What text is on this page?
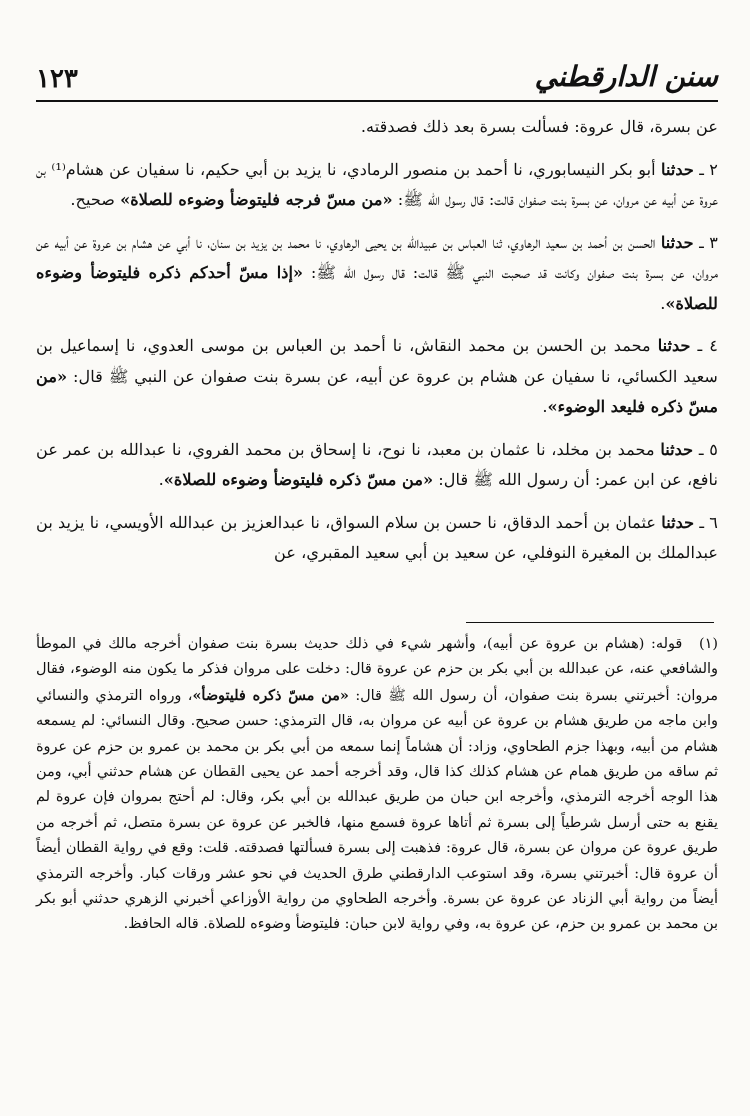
١٢٣	سنن الدارقطني

عن بسرة، قال عروة: فسألت بسرة بعد ذلك فصدقته.

٢ ـ حدثنا أبو بكر النيسابوري، نا أحمد بن منصور الرمادي، نا يزيد بن أبي حكيم، نا سفيان عن هشام⁽¹⁾ بن عروة عن أبيه عن مروان، عن بسرة بنت صفوان قالت: قال رسول الله ﷺ: «من مسّ فرجه فليتوضأ وضوءه للصلاة» صحيح.

٣ ـ حدثنا الحسن بن أحمد بن سعيد الرهاوي، ثنا العباس بن عبيدالله بن يحيى الرهاوي، نا محمد بن يزيد بن سنان، نا أبي عن هشام بن عروة عن أبيه عن مروان، عن بسرة بنت صفوان وكانت قد صحبت النبي ﷺ قالت: قال رسول الله ﷺ: «إذا مسّ أحدكم ذكره فليتوضأ وضوءه للصلاة».

٤ ـ حدثنا محمد بن الحسن بن محمد النقاش، نا أحمد بن العباس بن موسى العدوي، نا إسماعيل بن سعيد الكسائي، نا سفيان عن هشام بن عروة عن أبيه، عن بسرة بنت صفوان عن النبي ﷺ قال: «من مسّ ذكره فليعد الوضوء».

٥ ـ حدثنا محمد بن مخلد، نا عثمان بن معبد، نا نوح، نا إسحاق بن محمد الفروي، نا عبدالله بن عمر عن نافع، عن ابن عمر: أن رسول الله ﷺ قال: «من مسّ ذكره فليتوضأ وضوءه للصلاة».

٦ ـ حدثنا عثمان بن أحمد الدقاق، نا حسن بن سلام السواق، نا عبدالعزيز بن عبدالله الأويسي، نا يزيد بن عبدالملك بن المغيرة النوفلي، عن سعيد بن أبي سعيد المقبري، عن

(١) قوله: (هشام بن عروة عن أبيه)، وأشهر شيء في ذلك حديث بسرة بنت صفوان أخرجه مالك في الموطأ والشافعي عنه، عن عبدالله بن أبي بكر بن حزم عن عروة قال: دخلت على مروان فذكر ما يكون منه الوضوء، فقال مروان: أخبرتني بسرة بنت صفوان، أن رسول الله ﷺ قال: «من مسّ ذكره فليتوضأ»، ورواه الترمذي والنسائي وابن ماجه من طريق هشام بن عروة عن أبيه عن مروان به، قال الترمذي: حسن صحيح. وقال النسائي: لم يسمعه هشام من أبيه، وبهذا جزم الطحاوي، وزاد: أن هشاماً إنما سمعه من أبي بكر بن محمد بن عمرو بن حزم عن عروة ثم ساقه من طريق همام عن هشام كذلك كذا قال، وقد أخرجه أحمد عن يحيى القطان عن هشام حدثني أبي، ومن هذا الوجه أخرجه الترمذي، وأخرجه ابن حبان من طريق عبدالله بن أبي بكر، وقال: لم أحتج بمروان فإن عروة لم يقنع به حتى أرسل شرطياً إلى بسرة ثم أتاها عروة فسمع منها، فالخبر عن عروة عن بسرة متصل، ثم أخرجه من طريق عروة عن مروان عن بسرة، قال عروة: فذهبت إلى بسرة فسألتها فصدقته. قلت: وقع في رواية القطان أيضاً أن عروة قال: أخبرتني بسرة، وقد استوعب الدارقطني طرق الحديث في نحو عشر ورقات كبار. وأخرجه الترمذي أيضاً من رواية أبي الزناد عن عروة عن بسرة. وأخرجه الطحاوي من رواية الأوزاعي أخبرني الزهري حدثني أبو بكر بن محمد بن عمرو بن حزم، عن عروة به، وفي رواية لابن حبان: فليتوضأ وضوءه للصلاة. قاله الحافظ.
